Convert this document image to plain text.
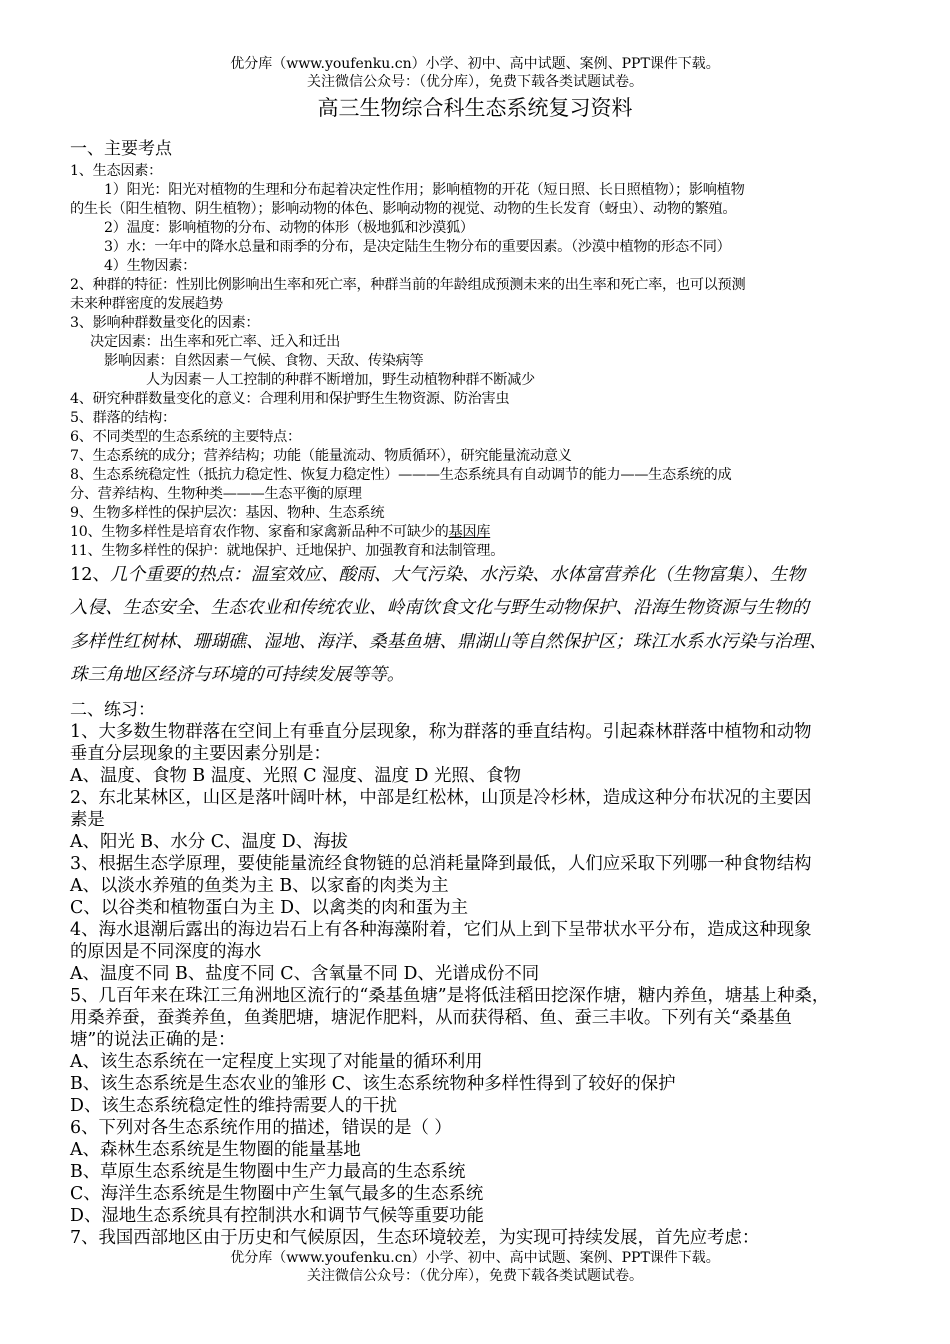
优分库（www.youfenku.cn）小学、初中、高中试题、案例、PPT课件下载。
关注微信公众号：（优分库），免费下载各类试题试卷。
高三生物综合科生态系统复习资料
一、主要考点
1、生态因素：
1）阳光：阳光对植物的生理和分布起着决定性作用；影响植物的开花（短日照、长日照植物）；影响植物
的生长（阳生植物、阴生植物）；影响动物的体色、影响动物的视觉、动物的生长发育（蚜虫）、动物的繁殖。
2）温度：影响植物的分布、动物的体形（极地狐和沙漠狐）
3）水：一年中的降水总量和雨季的分布，是决定陆生生物分布的重要因素。（沙漠中植物的形态不同）
4）生物因素：
2、种群的特征：性别比例影响出生率和死亡率，种群当前的年龄组成预测未来的出生率和死亡率，也可以预测
未来种群密度的发展趋势
3、影响种群数量变化的因素：
决定因素：出生率和死亡率、迁入和迁出
影响因素：自然因素－气候、食物、天敌、传染病等
人为因素－人工控制的种群不断增加，野生动植物种群不断减少
4、研究种群数量变化的意义：合理利用和保护野生生物资源、防治害虫
5、群落的结构：
6、不同类型的生态系统的主要特点：
7、生态系统的成分；营养结构；功能（能量流动、物质循环），研究能量流动意义
8、生态系统稳定性（抵抗力稳定性、恢复力稳定性）———生态系统具有自动调节的能力——生态系统的成
分、营养结构、生物种类———生态平衡的原理
9、生物多样性的保护层次：基因、物种、生态系统
10、生物多样性是培育农作物、家畜和家禽新品种不可缺少的基因库
11、生物多样性的保护：就地保护、迁地保护、加强教育和法制管理。
12、几个重要的热点：温室效应、酸雨、大气污染、水污染、水体富营养化（生物富集）、生物
入侵、生态安全、生态农业和传统农业、岭南饮食文化与野生动物保护、沿海生物资源与生物的
多样性红树林、珊瑚礁、湿地、海洋、桑基鱼塘、鼎湖山等自然保护区；珠江水系水污染与治理、
珠三角地区经济与环境的可持续发展等等。
二、练习：
1、大多数生物群落在空间上有垂直分层现象，称为群落的垂直结构。引起森林群落中植物和动物
垂直分层现象的主要因素分别是：
A、温度、食物 B 温度、光照 C 湿度、温度 D 光照、食物
2、东北某林区，山区是落叶阔叶林，中部是红松林，山顶是冷杉林，造成这种分布状况的主要因
素是
A、阳光 B、水分 C、温度 D、海拔
3、根据生态学原理，要使能量流经食物链的总消耗量降到最低，人们应采取下列哪一种食物结构
A、以淡水养殖的鱼类为主 B、以家畜的肉类为主
C、以谷类和植物蛋白为主 D、以禽类的肉和蛋为主
4、海水退潮后露出的海边岩石上有各种海藻附着，它们从上到下呈带状水平分布，造成这种现象
的原因是不同深度的海水
A、温度不同 B、盐度不同 C、含氧量不同 D、光谱成份不同
5、几百年来在珠江三角洲地区流行的“桑基鱼塘”是将低洼稻田挖深作塘，糖内养鱼，塘基上种桑，
用桑养蚕，蚕粪养鱼，鱼粪肥塘，塘泥作肥料，从而获得稻、鱼、蚕三丰收。下列有关“桑基鱼
塘”的说法正确的是：
A、该生态系统在一定程度上实现了对能量的循环利用
B、该生态系统是生态农业的雏形 C、该生态系统物种多样性得到了较好的保护
D、该生态系统稳定性的维持需要人的干扰
6、下列对各生态系统作用的描述，错误的是（ ）
A、森林生态系统是生物圈的能量基地
B、草原生态系统是生物圈中生产力最高的生态系统
C、海洋生态系统是生物圈中产生氧气最多的生态系统
D、湿地生态系统具有控制洪水和调节气候等重要功能
7、我国西部地区由于历史和气候原因，生态环境较差，为实现可持续发展，首先应考虑：
优分库（www.youfenku.cn）小学、初中、高中试题、案例、PPT课件下载。
关注微信公众号：（优分库），免费下载各类试题试卷。
